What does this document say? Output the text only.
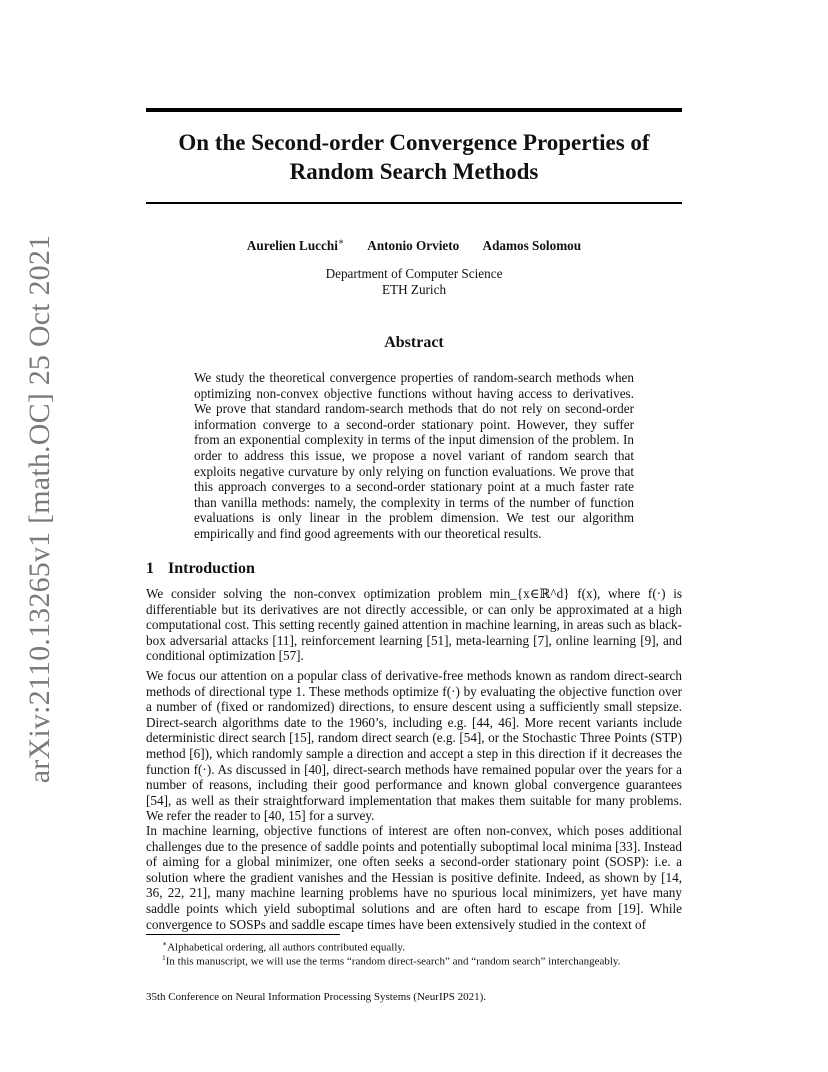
arXiv:2110.13265v1 [math.OC] 25 Oct 2021
On the Second-order Convergence Properties of
Random Search Methods
Aurelien Lucchi∗ Antonio Orvieto Adamos Solomou
Department of Computer Science
ETH Zurich
Abstract
We study the theoretical convergence properties of random-search methods when optimizing non-convex objective functions without having access to derivatives. We prove that standard random-search methods that do not rely on second-order information converge to a second-order stationary point. However, they suffer from an exponential complexity in terms of the input dimension of the problem. In order to address this issue, we propose a novel variant of random search that exploits negative curvature by only relying on function evaluations. We prove that this approach converges to a second-order stationary point at a much faster rate than vanilla methods: namely, the complexity in terms of the number of function evaluations is only linear in the problem dimension. We test our algorithm empirically and find good agreements with our theoretical results.
1 Introduction
We consider solving the non-convex optimization problem min_{x∈ℝ^d} f(x), where f(·) is differentiable but its derivatives are not directly accessible, or can only be approximated at a high computational cost. This setting recently gained attention in machine learning, in areas such as black-box adversarial attacks [11], reinforcement learning [51], meta-learning [7], online learning [9], and conditional optimization [57].
We focus our attention on a popular class of derivative-free methods known as random direct-search methods of directional type 1. These methods optimize f(·) by evaluating the objective function over a number of (fixed or randomized) directions, to ensure descent using a sufficiently small stepsize. Direct-search algorithms date to the 1960’s, including e.g. [44, 46]. More recent variants include deterministic direct search [15], random direct search (e.g. [54], or the Stochastic Three Points (STP) method [6]), which randomly sample a direction and accept a step in this direction if it decreases the function f(·). As discussed in [40], direct-search methods have remained popular over the years for a number of reasons, including their good performance and known global convergence guarantees [54], as well as their straightforward implementation that makes them suitable for many problems. We refer the reader to [40, 15] for a survey.
In machine learning, objective functions of interest are often non-convex, which poses additional challenges due to the presence of saddle points and potentially suboptimal local minima [33]. Instead of aiming for a global minimizer, one often seeks a second-order stationary point (SOSP): i.e. a solution where the gradient vanishes and the Hessian is positive definite. Indeed, as shown by [14, 36, 22, 21], many machine learning problems have no spurious local minimizers, yet have many saddle points which yield suboptimal solutions and are often hard to escape from [19]. While convergence to SOSPs and saddle escape times have been extensively studied in the context of
∗Alphabetical ordering, all authors contributed equally.
$^1$In this manuscript, we will use the terms “random direct-search” and “random search” interchangeably.
35th Conference on Neural Information Processing Systems (NeurIPS 2021).
